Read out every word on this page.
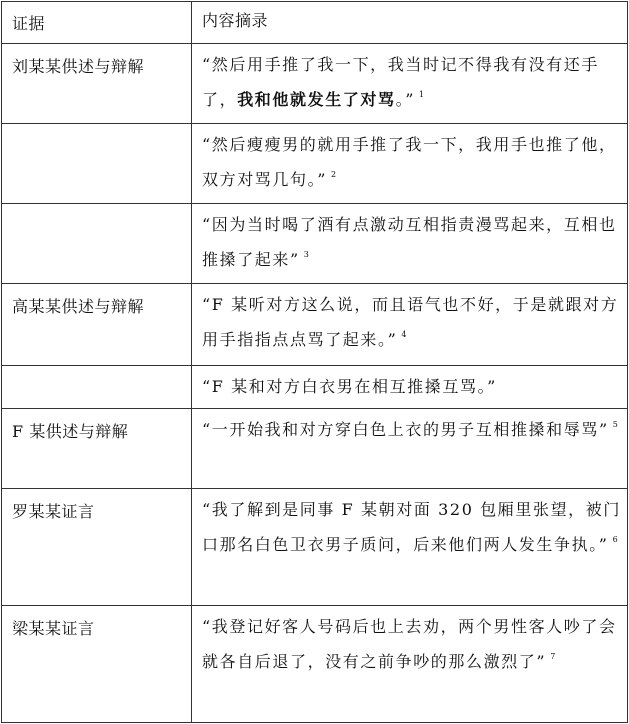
证据	内容摘录
刘某某供述与辩解	“然后用手推了我一下，我当时记不得我有没有还手了，我和他就发生了对骂。” $^1$
	“然后瘦瘦男的就用手推了我一下，我用手也推了他，双方对骂几句。” $^2$
	“因为当时喝了酒有点激动互相指责漫骂起来，互相也推搡了起来” $^3$
高某某供述与辩解	“F 某听对方这么说，而且语气也不好，于是就跟对方用手指指点点骂了起来。” $^4$
	“F 某和对方白衣男在相互推搡互骂。”
F 某供述与辩解	“一开始我和对方穿白色上衣的男子互相推搡和辱骂” $^5$
罗某某证言	“我了解到是同事 F 某朝对面 320 包厢里张望，被门口那名白色卫衣男子质问，后来他们两人发生争执。” $^6$
梁某某证言	“我登记好客人号码后也上去劝，两个男性客人吵了会就各自后退了，没有之前争吵的那么激烈了” $^7$
